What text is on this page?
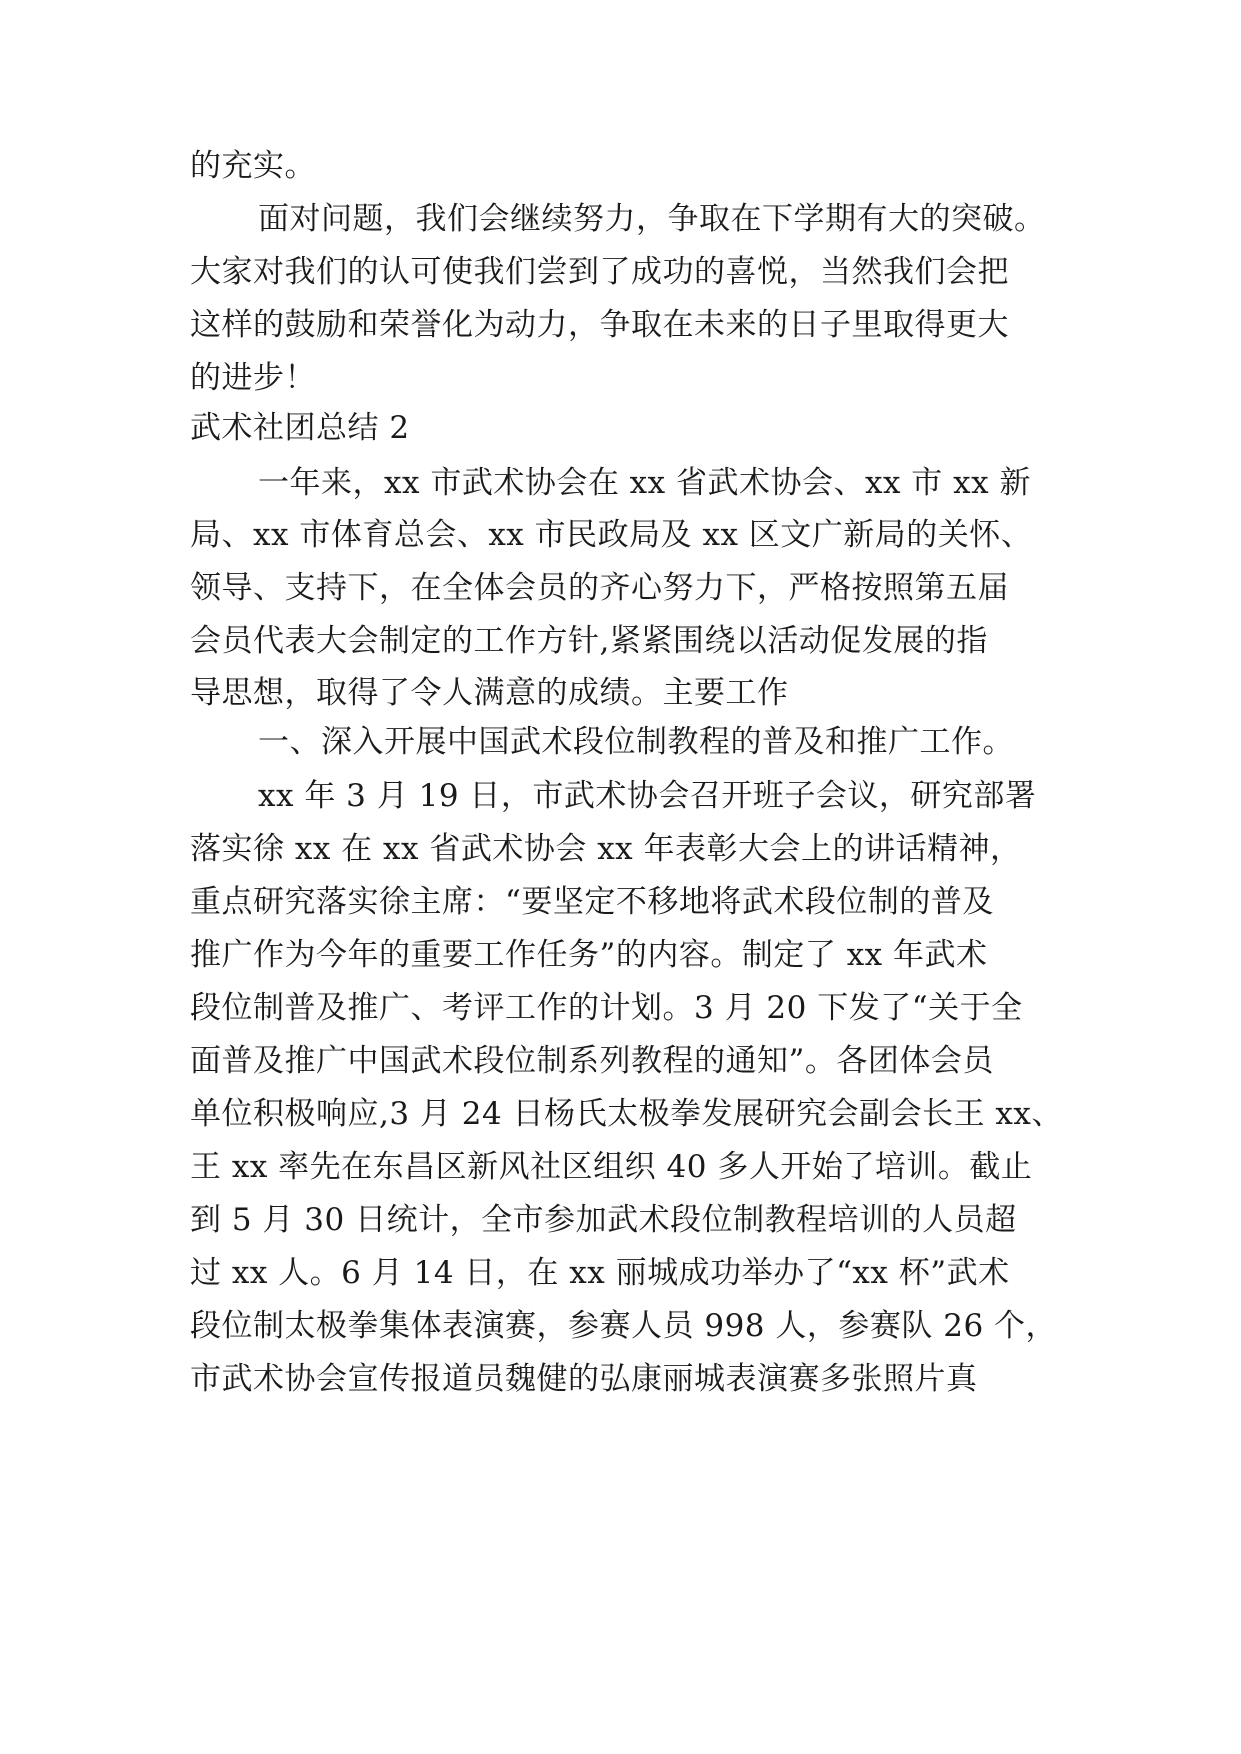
的充实。
面对问题，我们会继续努力，争取在下学期有大的突破。
大家对我们的认可使我们尝到了成功的喜悦，当然我们会把
这样的鼓励和荣誉化为动力，争取在未来的日子里取得更大
的进步！
武术社团总结 2
一年来，xx 市武术协会在 xx 省武术协会、xx 市 xx 新
局、xx 市体育总会、xx 市民政局及 xx 区文广新局的关怀、
领导、支持下，在全体会员的齐心努力下，严格按照第五届
会员代表大会制定的工作方针,紧紧围绕以活动促发展的指
导思想，取得了令人满意的成绩。主要工作
一、深入开展中国武术段位制教程的普及和推广工作。
xx 年 3 月 19 日，市武术协会召开班子会议，研究部署
落实徐 xx 在 xx 省武术协会 xx 年表彰大会上的讲话精神，
重点研究落实徐主席：“要坚定不移地将武术段位制的普及
推广作为今年的重要工作任务”的内容。制定了 xx 年武术
段位制普及推广、考评工作的计划。3 月 20 下发了“关于全
面普及推广中国武术段位制系列教程的通知”。各团体会员
单位积极响应,3 月 24 日杨氏太极拳发展研究会副会长王 xx、
王 xx 率先在东昌区新风社区组织 40 多人开始了培训。截止
到 5 月 30 日统计，全市参加武术段位制教程培训的人员超
过 xx 人。6 月 14 日，在 xx 丽城成功举办了“xx 杯”武术
段位制太极拳集体表演赛，参赛人员 998 人，参赛队 26 个，
市武术协会宣传报道员魏健的弘康丽城表演赛多张照片真
